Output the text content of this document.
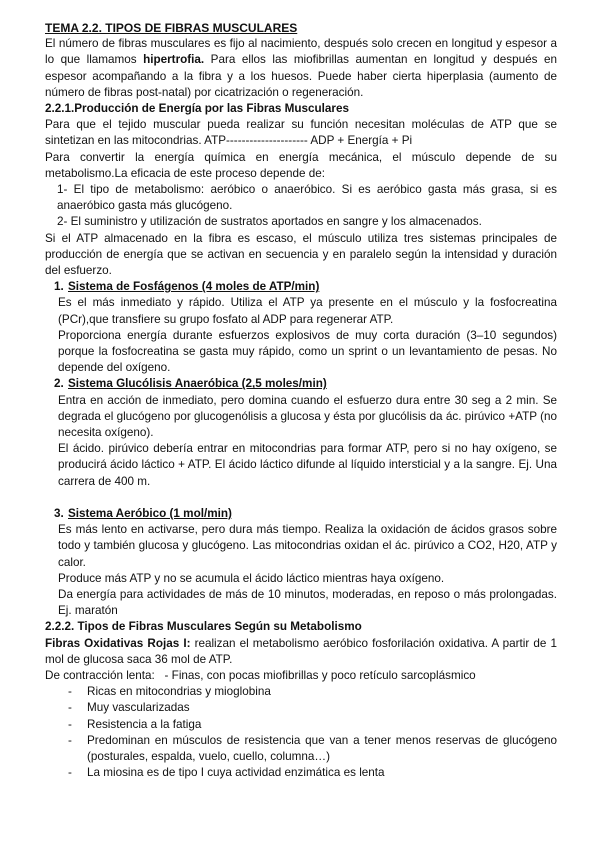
TEMA 2.2. TIPOS DE FIBRAS MUSCULARES

El número de fibras musculares es fijo al nacimiento, después solo crecen en longitud y espesor a lo que llamamos hipertrofia. Para ellos las miofibrillas aumentan en longitud y después en espesor acompañando a la fibra y a los huesos. Puede haber cierta hiperplasia (aumento de número de fibras post-natal) por cicatrización o regeneración.

2.2.1.Producción de Energía por las Fibras Musculares

Para que el tejido muscular pueda realizar su función necesitan moléculas de ATP que se sintetizan en las mitocondrias. ATP--------------------- ADP + Energía + Pi

Para convertir la energía química en energía mecánica, el músculo depende de su metabolismo.La eficacia de este proceso depende de:

1- El tipo de metabolismo: aeróbico o anaeróbico. Si es aeróbico gasta más grasa, si es anaeróbico gasta más glucógeno.

2- El suministro y utilización de sustratos aportados en sangre y los almacenados.

Si el ATP almacenado en la fibra es escaso, el músculo utiliza tres sistemas principales de producción de energía que se activan en secuencia y en paralelo según la intensidad y duración del esfuerzo.

1. Sistema de Fosfágenos (4 moles de ATP/min)

Es el más inmediato y rápido. Utiliza el ATP ya presente en el músculo y la fosfocreatina (PCr),que transfiere su grupo fosfato al ADP para regenerar ATP.

Proporciona energía durante esfuerzos explosivos de muy corta duración (3–10 segundos) porque la fosfocreatina se gasta muy rápido, como un sprint o un levantamiento de pesas. No depende del oxígeno.

2. Sistema Glucólisis Anaeróbica (2,5 moles/min)

Entra en acción de inmediato, pero domina cuando el esfuerzo dura entre 30 seg a 2 min. Se degrada el glucógeno por glucogenólisis a glucosa y ésta por glucólisis da ác. pirúvico +ATP (no necesita oxígeno).

El ácido. pirúvico debería entrar en mitocondrias para formar ATP, pero si no hay oxígeno, se producirá ácido láctico + ATP. El ácido láctico difunde al líquido intersticial y a la sangre. Ej. Una carrera de 400 m.

3. Sistema Aeróbico (1 mol/min)

Es más lento en activarse, pero dura más tiempo. Realiza la oxidación de ácidos grasos sobre todo y también glucosa y glucógeno. Las mitocondrias oxidan el ác. pirúvico a CO2, H20, ATP y calor.

Produce más ATP y no se acumula el ácido láctico mientras haya oxígeno.

Da energía para actividades de más de 10 minutos, moderadas, en reposo o más prolongadas. Ej. maratón

2.2.2. Tipos de Fibras Musculares Según su Metabolismo

Fibras Oxidativas Rojas I: realizan el metabolismo aeróbico fosforilación oxidativa. A partir de 1 mol de glucosa saca 36 mol de ATP.

De contracción lenta:   - Finas, con pocas miofibrillas y poco retículo sarcoplásmico

-	Ricas en mitocondrias y mioglobina
-	Muy vascularizadas
-	Resistencia a la fatiga
-	Predominan en músculos de resistencia que van a tener menos reservas de glucógeno (posturales, espalda, vuelo, cuello, columna…)
-	La miosina es de tipo I cuya actividad enzimática es lenta
